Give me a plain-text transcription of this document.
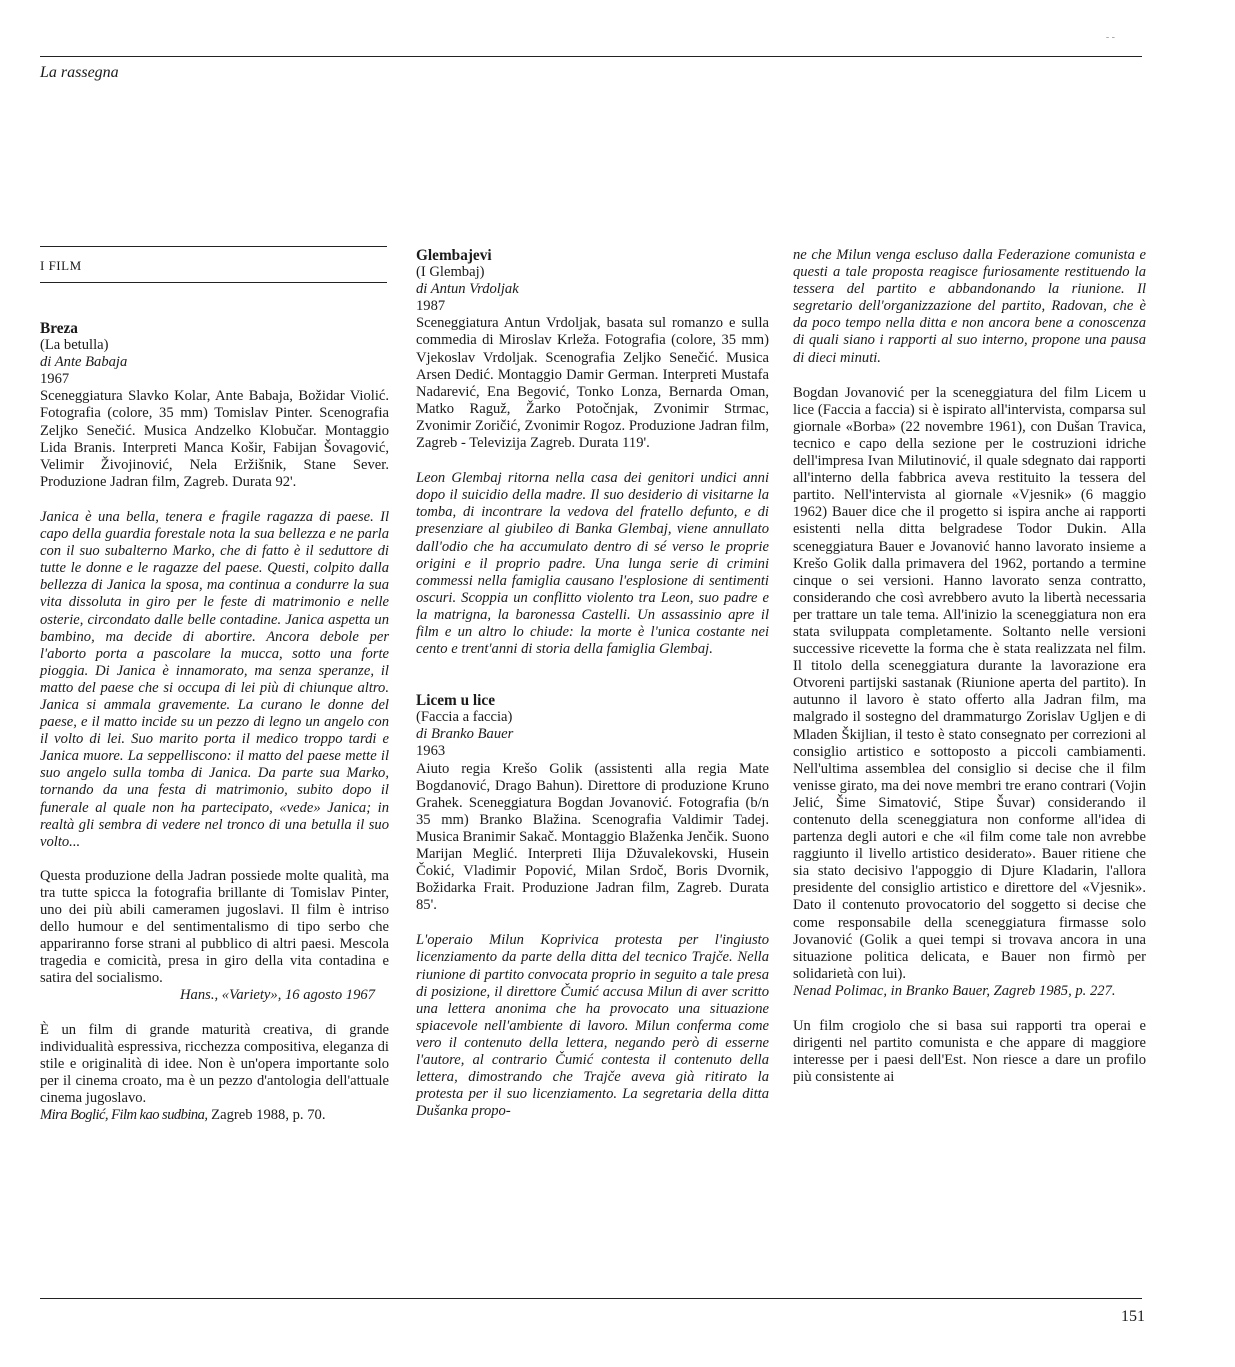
- -
La rassegna
I FILM

Breza

(La betulla)

di Ante Babaja

1967

Sceneggiatura Slavko Kolar, Ante Babaja, Božidar Violić. Fotografia (colore, 35 mm) Tomislav Pinter. Scenografia Zeljko Senečić. Musica Andzelko Klobučar. Montaggio Lida Branis. Interpreti Manca Košir, Fabijan Šovagović, Velimir Živojinović, Nela Eržišnik, Stane Sever. Produzione Jadran film, Zagreb. Durata 92'.

Janica è una bella, tenera e fragile ragazza di paese. Il capo della guardia forestale nota la sua bellezza e ne parla con il suo subalterno Marko, che di fatto è il seduttore di tutte le donne e le ragazze del paese. Questi, colpito dalla bellezza di Janica la sposa, ma continua a condurre la sua vita dissoluta in giro per le feste di matrimonio e nelle osterie, circondato dalle belle contadine. Janica aspetta un bambino, ma decide di abortire. Ancora debole per l'aborto porta a pascolare la mucca, sotto una forte pioggia. Di Janica è innamorato, ma senza speranze, il matto del paese che si occupa di lei più di chiunque altro. Janica si ammala gravemente. La curano le donne del paese, e il matto incide su un pezzo di legno un angelo con il volto di lei. Suo marito porta il medico troppo tardi e Janica muore. La seppelliscono: il matto del paese mette il suo angelo sulla tomba di Janica. Da parte sua Marko, tornando da una festa di matrimonio, subito dopo il funerale al quale non ha partecipato, «vede» Janica; in realtà gli sembra di vedere nel tronco di una betulla il suo volto...

Questa produzione della Jadran possiede molte qualità, ma tra tutte spicca la fotografia brillante di Tomislav Pinter, uno dei più abili cameramen jugoslavi. Il film è intriso dello humour e del sentimentalismo di tipo serbo che appariranno forse strani al pubblico di altri paesi. Mescola tragedia e comicità, presa in giro della vita contadina e satira del socialismo.

Hans., «Variety», 16 agosto 1967

È un film di grande maturità creativa, di grande individualità espressiva, ricchezza compositiva, eleganza di stile e originalità di idee. Non è un'opera importante solo per il cinema croato, ma è un pezzo d'antologia dell'attuale cinema jugoslavo.

Mira Boglić, Film kao sudbina, Zagreb 1988, p. 70.

Glembajevi

(I Glembaj)

di Antun Vrdoljak

1987

Sceneggiatura Antun Vrdoljak, basata sul romanzo e sulla commedia di Miroslav Krleža. Fotografia (colore, 35 mm) Vjekoslav Vrdoljak. Scenografia Zeljko Senečić. Musica Arsen Dedić. Montaggio Damir German. Interpreti Mustafa Nadarević, Ena Begović, Tonko Lonza, Bernarda Oman, Matko Raguž, Žarko Potočnjak, Zvonimir Strmac, Zvonimir Zoričić, Zvonimir Rogoz. Produzione Jadran film, Zagreb - Televizija Zagreb. Durata 119'.

Leon Glembaj ritorna nella casa dei genitori undici anni dopo il suicidio della madre. Il suo desiderio di visitarne la tomba, di incontrare la vedova del fratello defunto, e di presenziare al giubileo di Banka Glembaj, viene annullato dall'odio che ha accumulato dentro di sé verso le proprie origini e il proprio padre. Una lunga serie di crimini commessi nella famiglia causano l'esplosione di sentimenti oscuri. Scoppia un conflitto violento tra Leon, suo padre e la matrigna, la baronessa Castelli. Un assassinio apre il film e un altro lo chiude: la morte è l'unica costante nei cento e trent'anni di storia della famiglia Glembaj.

Licem u lice

(Faccia a faccia)

di Branko Bauer

1963

Aiuto regia Krešo Golik (assistenti alla regia Mate Bogdanović, Drago Bahun). Direttore di produzione Kruno Grahek. Sceneggiatura Bogdan Jovanović. Fotografia (b/n 35 mm) Branko Blažina. Scenografia Valdimir Tadej. Musica Branimir Sakač. Montaggio Blaženka Jenčik. Suono Marijan Meglić. Interpreti Ilija Džuvalekovski, Husein Čokić, Vladimir Popović, Milan Srdoč, Boris Dvornik, Božidarka Frait. Produzione Jadran film, Zagreb. Durata 85'.

L'operaio Milun Koprivica protesta per l'ingiusto licenziamento da parte della ditta del tecnico Trajče. Nella riunione di partito convocata proprio in seguito a tale presa di posizione, il direttore Čumić accusa Milun di aver scritto una lettera anonima che ha provocato una situazione spiacevole nell'ambiente di lavoro. Milun conferma come vero il contenuto della lettera, negando però di esserne l'autore, al contrario Čumić contesta il contenuto della lettera, dimostrando che Trajče aveva già ritirato la protesta per il suo licenziamento. La segretaria della ditta Dušanka propo-

ne che Milun venga escluso dalla Federazione comunista e questi a tale proposta reagisce furiosamente restituendo la tessera del partito e abbandonando la riunione. Il segretario dell'organizzazione del partito, Radovan, che è da poco tempo nella ditta e non ancora bene a conoscenza di quali siano i rapporti al suo interno, propone una pausa di dieci minuti.

Bogdan Jovanović per la sceneggiatura del film Licem u lice (Faccia a faccia) si è ispirato all'intervista, comparsa sul giornale «Borba» (22 novembre 1961), con Dušan Travica, tecnico e capo della sezione per le costruzioni idriche dell'impresa Ivan Milutinović, il quale sdegnato dai rapporti all'interno della fabbrica aveva restituito la tessera del partito. Nell'intervista al giornale «Vjesnik» (6 maggio 1962) Bauer dice che il progetto si ispira anche ai rapporti esistenti nella ditta belgradese Todor Dukin. Alla sceneggiatura Bauer e Jovanović hanno lavorato insieme a Krešo Golik dalla primavera del 1962, portando a termine cinque o sei versioni. Hanno lavorato senza contratto, considerando che così avrebbero avuto la libertà necessaria per trattare un tale tema. All'inizio la sceneggiatura non era stata sviluppata completamente. Soltanto nelle versioni successive ricevette la forma che è stata realizzata nel film. Il titolo della sceneggiatura durante la lavorazione era Otvoreni partijski sastanak (Riunione aperta del partito). In autunno il lavoro è stato offerto alla Jadran film, ma malgrado il sostegno del drammaturgo Zorislav Ugljen e di Mladen Škijlian, il testo è stato consegnato per correzioni al consiglio artistico e sottoposto a piccoli cambiamenti. Nell'ultima assemblea del consiglio si decise che il film venisse girato, ma dei nove membri tre erano contrari (Vojin Jelić, Šime Simatović, Stipe Šuvar) considerando il contenuto della sceneggiatura non conforme all'idea di partenza degli autori e che «il film come tale non avrebbe raggiunto il livello artistico desiderato». Bauer ritiene che sia stato decisivo l'appoggio di Djure Kladarin, l'allora presidente del consiglio artistico e direttore del «Vjesnik». Dato il contenuto provocatorio del soggetto si decise che come responsabile della sceneggiatura firmasse solo Jovanović (Golik a quei tempi si trovava ancora in una situazione politica delicata, e Bauer non firmò per solidarietà con lui).

Nenad Polimac, in Branko Bauer, Zagreb 1985, p. 227.

Un film crogiolo che si basa sui rapporti tra operai e dirigenti nel partito comunista e che appare di maggiore interesse per i paesi dell'Est. Non riesce a dare un profilo più consistente ai

151
